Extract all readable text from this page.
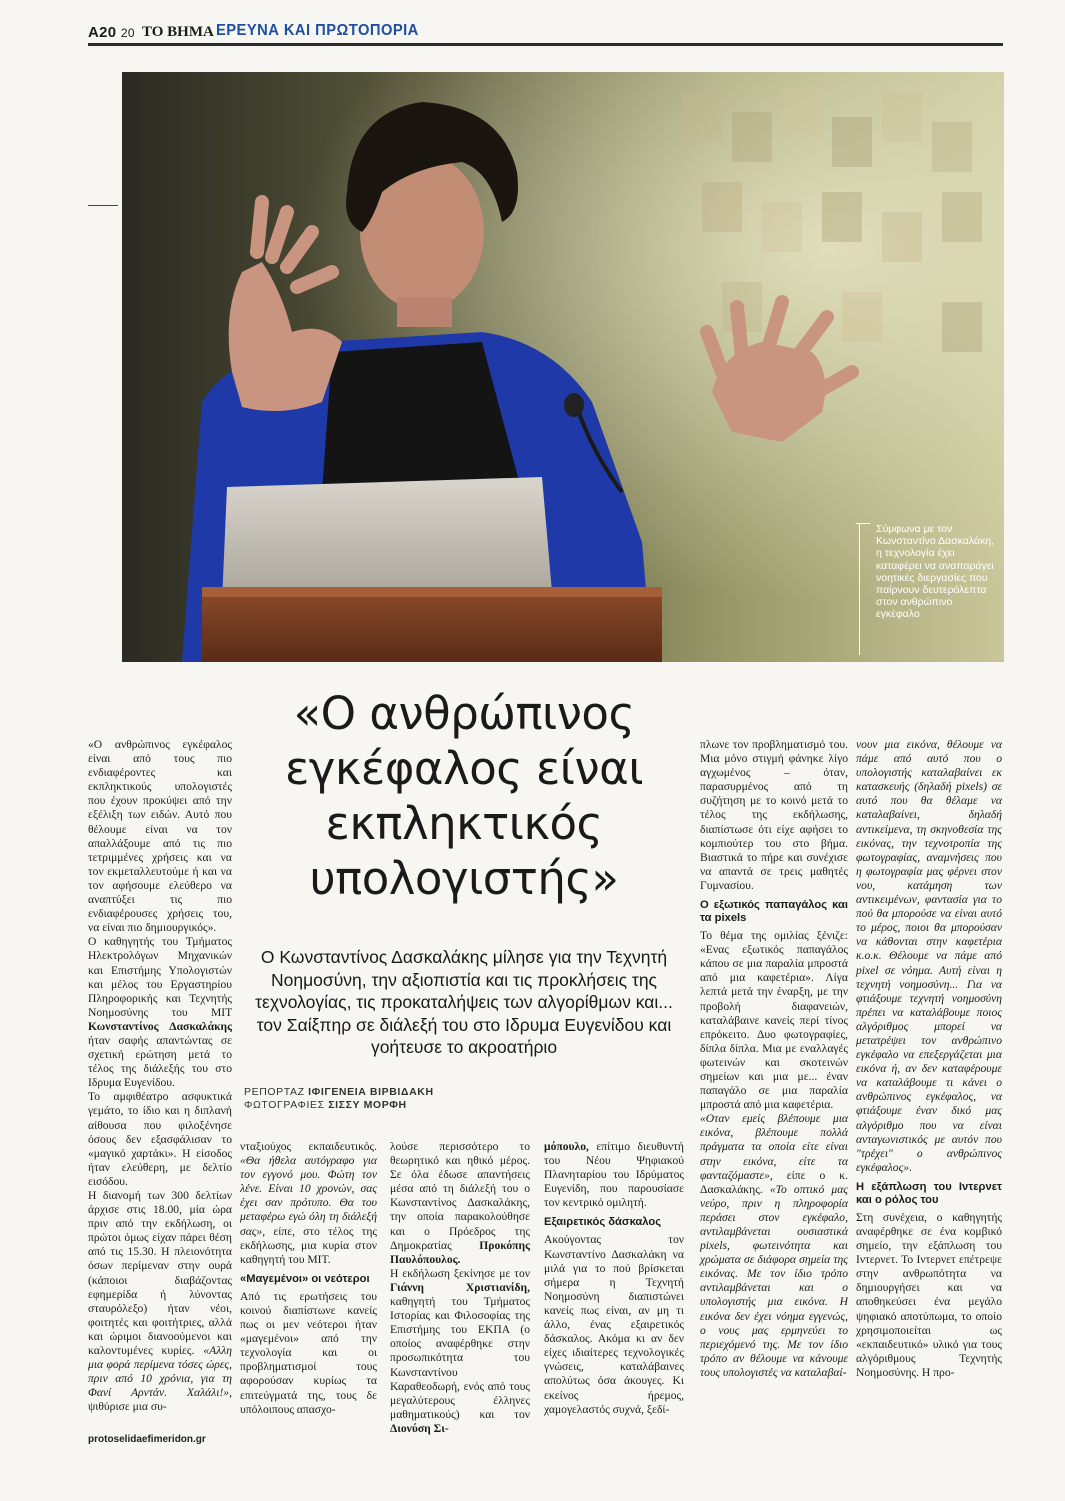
A20 20 ΤΟ ΒΗΜΑ ΕΡΕΥΝΑ ΚΑΙ ΠΡΩΤΟΠΟΡΙΑ
Σύμφωνα με τον Κωνσταντίνο Δασκαλάκη, η τεχνολογία έχει καταφέρει να αναπαράγει νοητικές διεργασίες που παίρνουν δευτερόλεπτα στον ανθρώπινο εγκέφαλο
«Ο ανθρώπινος εγκέφαλος είναι εκπληκτικός υπολογιστής»
Ο Κωνσταντίνος Δασκαλάκης μίλησε για την Τεχνητή Νοημοσύνη, την αξιοπιστία και τις προκλήσεις της τεχνολογίας, τις προκαταλήψεις των αλγορίθμων και... τον Σαίξπηρ σε διάλεξή του στο Ιδρυμα Ευγενίδου και γοήτευσε το ακροατήριο
ΡΕΠΟΡΤΑΖ ΙΦΙΓΕΝΕΙΑ ΒΙΡΒΙΔΑΚΗ
ΦΩΤΟΓΡΑΦΙΕΣ ΣΙΣΣΥ ΜΟΡΦΗ

«Ο ανθρώπινος εγκέφαλος είναι από τους πιο ενδιαφέροντες και εκπληκτικούς υπολογιστές που έχουν προκύψει από την εξέλιξη των ειδών. Αυτό που θέλουμε είναι να τον απαλλάξουμε από τις πιο τετριμμένες χρήσεις και να τον εκμεταλλευτούμε ή και να τον αφήσουμε ελεύθερο να αναπτύξει τις πιο ενδιαφέρουσες χρήσεις του, να είναι πιο δημιουργικός».

Ο καθηγητής του Τμήματος Ηλεκτρολόγων Μηχανικών και Επιστήμης Υπολογιστών και μέλος του Εργαστηρίου Πληροφορικής και Τεχνητής Νοημοσύνης του ΜΙΤ Κωνσταντίνος Δασκαλάκης ήταν σαφής απαντώντας σε σχετική ερώτηση μετά το τέλος της διάλεξής του στο Ιδρυμα Ευγενίδου.

Το αμφιθέατρο ασφυκτικά γεμάτο, το ίδιο και η διπλανή αίθουσα που φιλοξένησε όσους δεν εξασφάλισαν το «μαγικό χαρτάκι». Η είσοδος ήταν ελεύθερη, με δελτίο εισόδου.

Η διανομή των 300 δελτίων άρχισε στις 18.00, μία ώρα πριν από την εκδήλωση, οι πρώτοι όμως είχαν πάρει θέση από τις 15.30. Η πλειονότητα όσων περίμεναν στην ουρά (κάποιοι διαβάζοντας εφημερίδα ή λύνοντας σταυρόλεξο) ήταν νέοι, φοιτητές και φοιτήτριες, αλλά και ώριμοι διανοούμενοι και καλοντυμένες κυρίες. «Αλλη μια φορά περίμενα τόσες ώρες, πριν από 10 χρόνια, για τη Φανί Αρντάν. Χαλάλι!», ψιθύρισε μια συ-

νταξιούχος εκπαιδευτικός. «Θα ήθελα αυτόγραφο για τον εγγονό μου. Φώτη τον λένε. Είναι 10 χρονών, σας έχει σαν πρότυπο. Θα του μεταφέρω εγώ όλη τη διάλεξή σας», είπε, στο τέλος της εκδήλωσης, μια κυρία στον καθηγητή του ΜΙΤ.

«Μαγεμένοι» οι νεότεροι

Από τις ερωτήσεις του κοινού διαπίστωνε κανείς πως οι μεν νεότεροι ήταν «μαγεμένοι» από την τεχνολογία και οι προβληματισμοί τους αφορούσαν κυρίως τα επιτεύγματά της, τους δε υπόλοιπους απασχο-

λούσε περισσότερο το θεωρητικό και ηθικό μέρος. Σε όλα έδωσε απαντήσεις μέσα από τη διάλεξή του ο Κωνσταντίνος Δασκαλάκης, την οποία παρακολούθησε και ο Πρόεδρος της Δημοκρατίας Προκόπης Παυλόπουλος.

Η εκδήλωση ξεκίνησε με τον Γιάννη Χριστιανίδη, καθηγητή του Τμήματος Ιστορίας και Φιλοσοφίας της Επιστήμης του ΕΚΠΑ (ο οποίος αναφέρθηκε στην προσωπικότητα του Κωνσταντίνου Καραθεοδωρή, ενός από τους μεγαλύτερους έλληνες μαθηματικούς) και τον Διονύση Σι-

μόπουλο, επίτιμο διευθυντή του Νέου Ψηφιακού Πλανηταρίου του Ιδρύματος Ευγενίδη, που παρουσίασε τον κεντρικό ομιλητή.

Εξαιρετικός δάσκαλος

Ακούγοντας τον Κωνσταντίνο Δασκαλάκη να μιλά για το πού βρίσκεται σήμερα η Τεχνητή Νοημοσύνη διαπιστώνει κανείς πως είναι, αν μη τι άλλο, ένας εξαιρετικός δάσκαλος. Ακόμα κι αν δεν είχες ιδιαίτερες τεχνολογικές γνώσεις, καταλάβαινες απολύτως όσα άκουγες. Κι εκείνος ήρεμος, χαμογελαστός συχνά, ξεδί-

πλωνε τον προβληματισμό του. Μια μόνο στιγμή φάνηκε λίγο αγχωμένος – όταν, παρασυρμένος από τη συζήτηση με το κοινό μετά το τέλος της εκδήλωσης, διαπίστωσε ότι είχε αφήσει το κομπιούτερ του στο βήμα. Βιαστικά το πήρε και συνέχισε να απαντά σε τρεις μαθητές Γυμνασίου.

Ο εξωτικός παπαγάλος και τα pixels

Το θέμα της ομιλίας ξένιζε: «Ενας εξωτικός παπαγάλος κάπου σε μια παραλία μπροστά από μια καφετέρια». Λίγα λεπτά μετά την έναρξη, με την προβολή διαφανειών, καταλάβαινε κανείς περί τίνος επρόκειτο. Δυο φωτογραφίες, δίπλα δίπλα. Μια με εναλλαγές φωτεινών και σκοτεινών σημείων και μια με... έναν παπαγάλο σε μια παραλία μπροστά από μια καφετέρια.

«Οταν εμείς βλέπουμε μια εικόνα, βλέπουμε πολλά πράγματα τα οποία είτε είναι στην εικόνα, είτε τα φανταζόμαστε», είπε ο κ. Δασκαλάκης. «Το οπτικό μας νεύρο, πριν η πληροφορία περάσει στον εγκέφαλο, αντιλαμβάνεται ουσιαστικά pixels, φωτεινότητα και χρώματα σε διάφορα σημεία της εικόνας. Με τον ίδιο τρόπο αντιλαμβάνεται και ο υπολογιστής μια εικόνα. Η εικόνα δεν έχει νόημα εγγενώς, ο νους μας ερμηνεύει το περιεχόμενό της. Με τον ίδιο τρόπο αν θέλουμε να κάνουμε τους υπολογιστές να καταλαβαί-

νουν μια εικόνα, θέλουμε να πάμε από αυτό που ο υπολογιστής καταλαβαίνει εκ κατασκευής (δηλαδή pixels) σε αυτό που θα θέλαμε να καταλαβαίνει, δηλαδή αντικείμενα, τη σκηνοθεσία της εικόνας, την τεχνοτροπία της φωτογραφίας, αναμνήσεις που η φωτογραφία μας φέρνει στον νου, κατάμηση των αντικειμένων, φαντασία για το πού θα μπορούσε να είναι αυτό το μέρος, ποιοι θα μπορούσαν να κάθονται στην καφετέρια κ.ο.κ. Θέλουμε να πάμε από pixel σε νόημα. Αυτή είναι η τεχνητή νοημοσύνη... Για να φτιάξουμε τεχνητή νοημοσύνη πρέπει να καταλάβουμε ποιος αλγόριθμος μπορεί να μετατρέψει τον ανθρώπινο εγκέφαλο να επεξεργάζεται μια εικόνα ή, αν δεν καταφέρουμε να καταλάβουμε τι κάνει ο ανθρώπινος εγκέφαλος, να φτιάξουμε έναν δικό μας αλγόριθμο που να είναι ανταγωνιστικός με αυτόν που "τρέχει" ο ανθρώπινος εγκέφαλος».

Η εξάπλωση του Ιντερνετ και ο ρόλος του

Στη συνέχεια, ο καθηγητής αναφέρθηκε σε ένα κομβικό σημείο, την εξάπλωση του Ιντερνετ. Το Ιντερνετ επέτρεψε στην ανθρωπότητα να δημιουργήσει και να αποθηκεύσει ένα μεγάλο ψηφιακό αποτύπωμα, το οποίο χρησιμοποιείται ως «εκπαιδευτικό» υλικό για τους αλγόριθμους Τεχνητής Νοημοσύνης. Η προ-

protoselidaefimeridon.gr
